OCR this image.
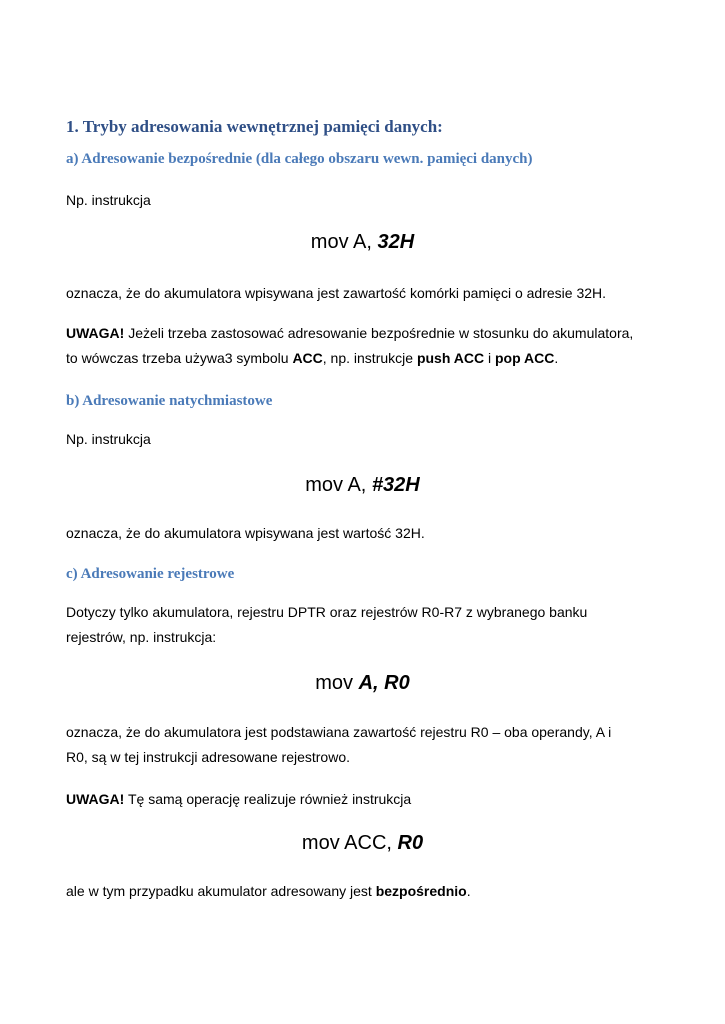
1. Tryby adresowania wewnętrznej pamięci danych:
a) Adresowanie bezpośrednie (dla całego obszaru wewn. pamięci danych)
Np. instrukcja
mov A, 32H
oznacza, że do akumulatora wpisywana jest zawartość komórki pamięci o adresie 32H.
UWAGA! Jeżeli trzeba zastosować adresowanie bezpośrednie w stosunku do akumulatora,
to wówczas trzeba używa3 symbolu ACC, np. instrukcje push ACC i pop ACC.
b) Adresowanie natychmiastowe
Np. instrukcja
mov A, #32H
oznacza, że do akumulatora wpisywana jest wartość 32H.
c) Adresowanie rejestrowe
Dotyczy tylko akumulatora, rejestru DPTR oraz rejestrów R0-R7 z wybranego banku
rejestrów, np. instrukcja:
mov A, R0
oznacza, że do akumulatora jest podstawiana zawartość rejestru R0 – oba operandy, A i
R0, są w tej instrukcji adresowane rejestrowo.
UWAGA! Tę samą operację realizuje również instrukcja
mov ACC, R0
ale w tym przypadku akumulator adresowany jest bezpośrednio.
